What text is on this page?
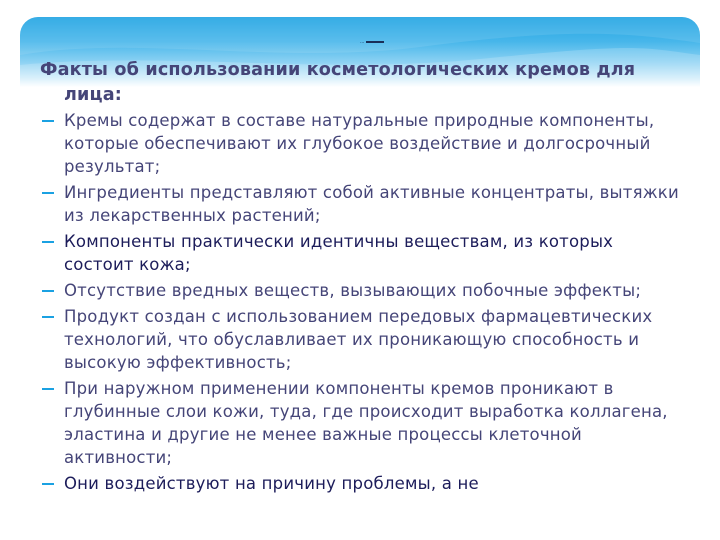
...
Факты об использовании косметологических кремов для лица:
Кремы содержат в составе натуральные природные компоненты, которые обеспечивают их глубокое воздействие и долгосрочный результат;
Ингредиенты представляют собой активные концентраты, вытяжки из лекарственных растений;
Компоненты практически идентичны веществам, из которых состоит кожа;
Отсутствие вредных веществ, вызывающих побочные эффекты;
Продукт создан с использованием передовых фармацевтических технологий, что обуславливает их проникающую способность и высокую эффективность;
При наружном применении компоненты кремов проникают в глубинные слои кожи, туда, где происходит выработка коллагена, эластина и другие не менее важные процессы клеточной активности;
Они воздействуют на причину проблемы, а не
